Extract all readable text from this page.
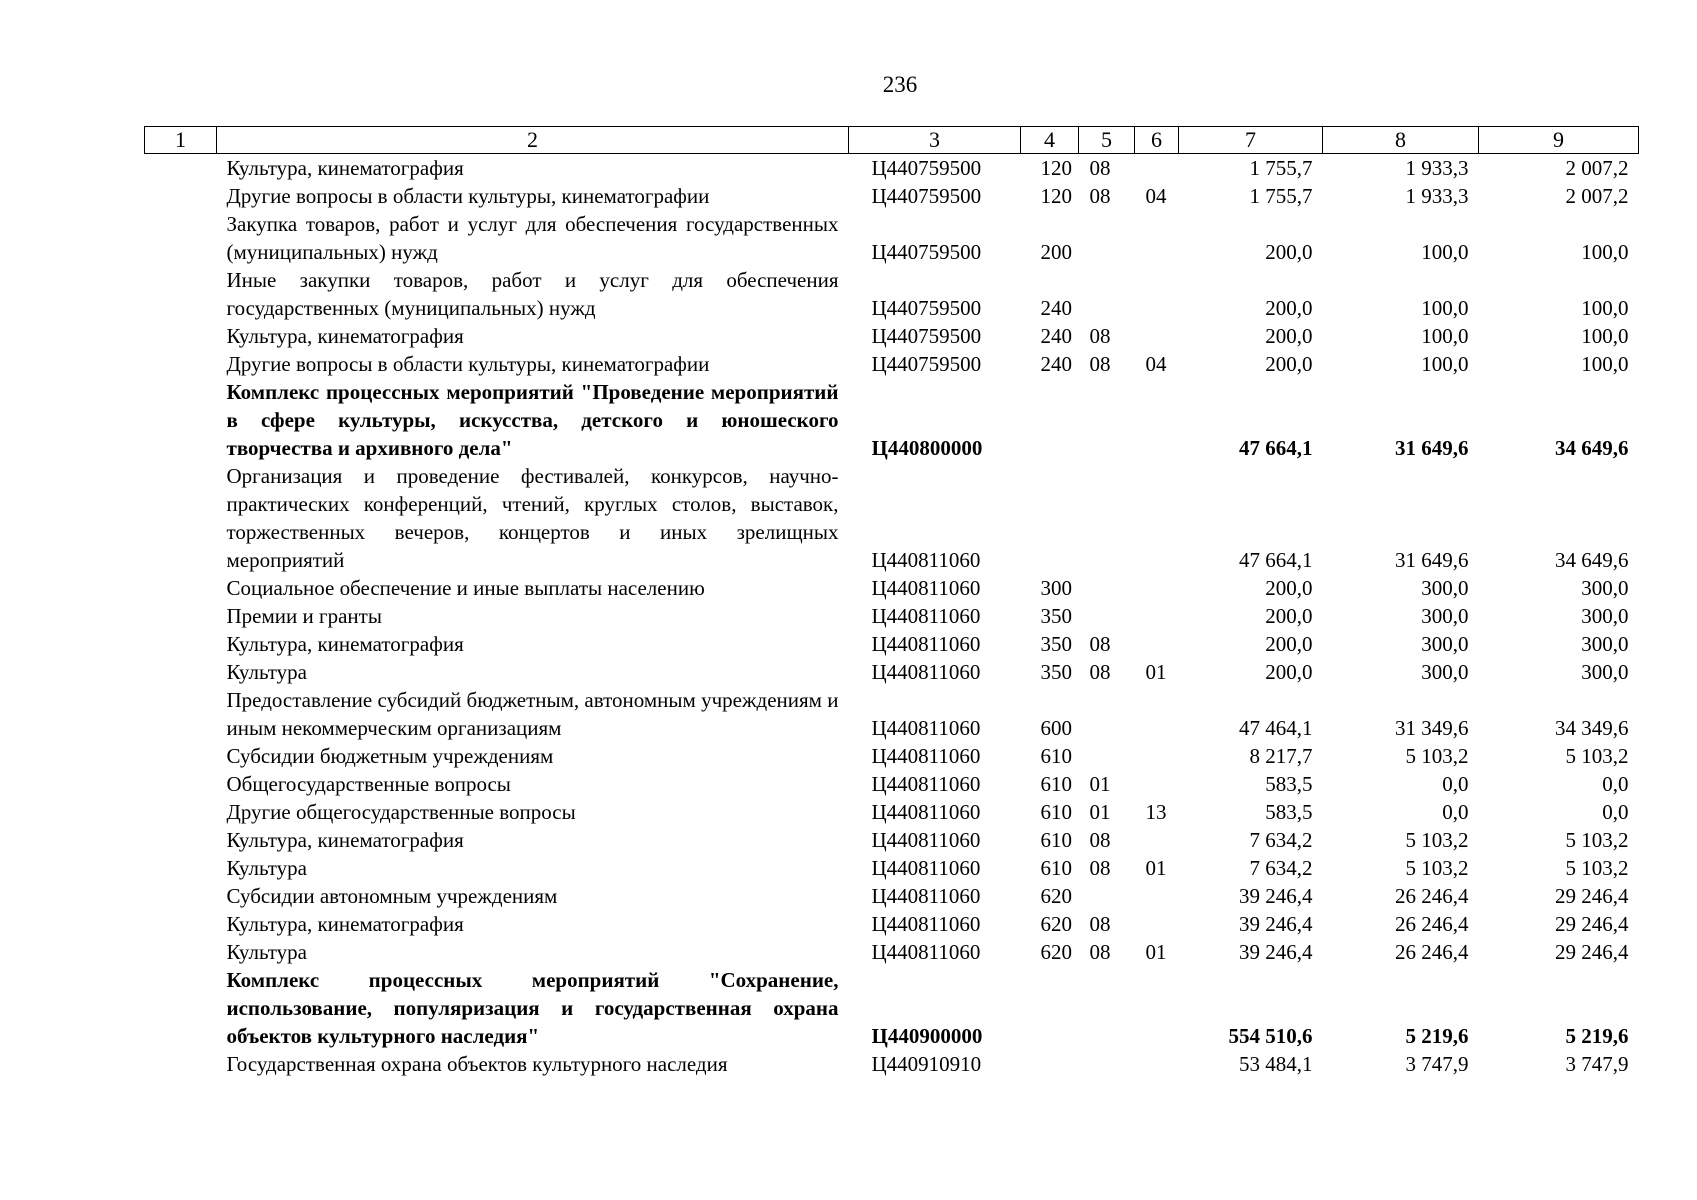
236
1	2	3	4	5	6	7	8	9
	Культура, кинематография	Ц440759500	120	08		1 755,7	1 933,3	2 007,2
	Другие вопросы в области культуры, кинематографии	Ц440759500	120	08	04	1 755,7	1 933,3	2 007,2
	Закупка товаров, работ и услуг для обеспечения государственных (муниципальных) нужд	Ц440759500	200			200,0	100,0	100,0
	Иные закупки товаров, работ и услуг для обеспечения государственных (муниципальных) нужд	Ц440759500	240			200,0	100,0	100,0
	Культура, кинематография	Ц440759500	240	08		200,0	100,0	100,0
	Другие вопросы в области культуры, кинематографии	Ц440759500	240	08	04	200,0	100,0	100,0
	Комплекс процессных мероприятий "Проведение мероприятий в сфере культуры, искусства, детского и юношеского творчества и архивного дела"	Ц440800000				47 664,1	31 649,6	34 649,6
	Организация и проведение фестивалей, конкурсов, научно-практических конференций, чтений, круглых столов, выставок, торжественных вечеров, концертов и иных зрелищных мероприятий	Ц440811060				47 664,1	31 649,6	34 649,6
	Социальное обеспечение и иные выплаты населению	Ц440811060	300			200,0	300,0	300,0
	Премии и гранты	Ц440811060	350			200,0	300,0	300,0
	Культура, кинематография	Ц440811060	350	08		200,0	300,0	300,0
	Культура	Ц440811060	350	08	01	200,0	300,0	300,0
	Предоставление субсидий бюджетным, автономным учреждениям и иным некоммерческим организациям	Ц440811060	600			47 464,1	31 349,6	34 349,6
	Субсидии бюджетным учреждениям	Ц440811060	610			8 217,7	5 103,2	5 103,2
	Общегосударственные вопросы	Ц440811060	610	01		583,5	0,0	0,0
	Другие общегосударственные вопросы	Ц440811060	610	01	13	583,5	0,0	0,0
	Культура, кинематография	Ц440811060	610	08		7 634,2	5 103,2	5 103,2
	Культура	Ц440811060	610	08	01	7 634,2	5 103,2	5 103,2
	Субсидии автономным учреждениям	Ц440811060	620			39 246,4	26 246,4	29 246,4
	Культура, кинематография	Ц440811060	620	08		39 246,4	26 246,4	29 246,4
	Культура	Ц440811060	620	08	01	39 246,4	26 246,4	29 246,4
	Комплекс процессных мероприятий "Сохранение, использование, популяризация и государственная охрана объектов культурного наследия"	Ц440900000				554 510,6	5 219,6	5 219,6
	Государственная охрана объектов культурного наследия	Ц440910910				53 484,1	3 747,9	3 747,9
